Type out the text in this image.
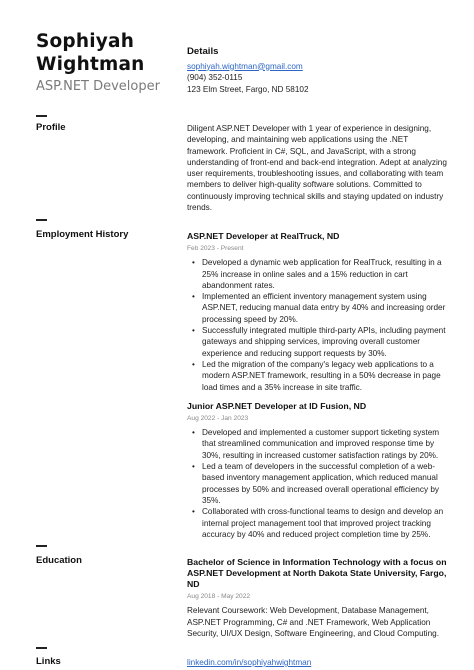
Sophiyah
Wightman
ASP.NET Developer
Details
sophiyah.wightman@gmail.com
(904) 352-0115
123 Elm Street, Fargo, ND 58102
Profile	Diligent ASP.NET Developer with 1 year of experience in designing, developing, and maintaining web applications using the .NET framework. Proficient in C#, SQL, and JavaScript, with a strong understanding of front-end and back-end integration. Adept at analyzing user requirements, troubleshooting issues, and collaborating with team members to deliver high-quality software solutions. Committed to continuously improving technical skills and staying updated on industry trends.
Employment History	ASP.NET Developer at RealTruck, ND
Feb 2023 - Present
• Developed a dynamic web application for RealTruck, resulting in a 25% increase in online sales and a 15% reduction in cart abandonment rates.
• Implemented an efficient inventory management system using ASP.NET, reducing manual data entry by 40% and increasing order processing speed by 20%.
• Successfully integrated multiple third-party APIs, including payment gateways and shipping services, improving overall customer experience and reducing support requests by 30%.
• Led the migration of the company's legacy web applications to a modern ASP.NET framework, resulting in a 50% decrease in page load times and a 35% increase in site traffic.
Junior ASP.NET Developer at ID Fusion, ND
Aug 2022 - Jan 2023
• Developed and implemented a customer support ticketing system that streamlined communication and improved response time by 30%, resulting in increased customer satisfaction ratings by 20%.
• Led a team of developers in the successful completion of a web-based inventory management application, which reduced manual processes by 50% and increased overall operational efficiency by 35%.
• Collaborated with cross-functional teams to design and develop an internal project management tool that improved project tracking accuracy by 40% and reduced project completion time by 25%.
Education	Bachelor of Science in Information Technology with a focus on ASP.NET Development at North Dakota State University, Fargo, ND
Aug 2018 - May 2022
Relevant Coursework: Web Development, Database Management, ASP.NET Programming, C# and .NET Framework, Web Application Security, UI/UX Design, Software Engineering, and Cloud Computing.
Links	linkedin.com/in/sophiyahwightman
